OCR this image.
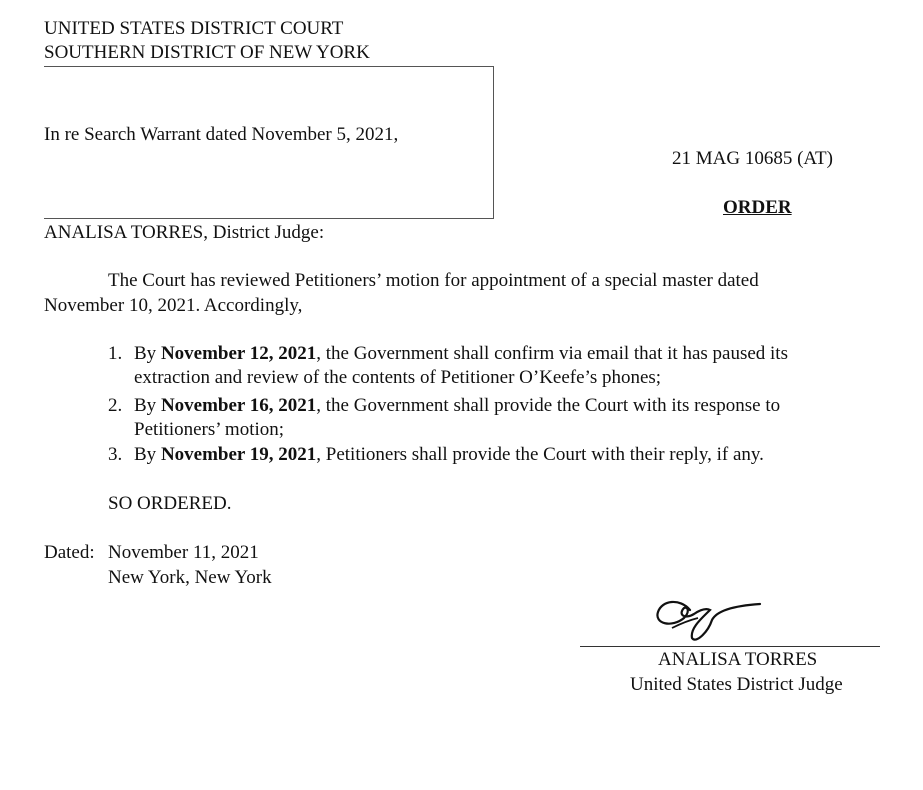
UNITED STATES DISTRICT COURT
SOUTHERN DISTRICT OF NEW YORK
In re Search Warrant dated November 5, 2021,
21 MAG 10685 (AT)
ORDER
ANALISA TORRES, District Judge:
The Court has reviewed Petitioners’ motion for appointment of a special master dated
November 10, 2021. Accordingly,
1. By November 12, 2021, the Government shall confirm via email that it has paused its
extraction and review of the contents of Petitioner O’Keefe’s phones;
2. By November 16, 2021, the Government shall provide the Court with its response to
Petitioners’ motion;
3. By November 19, 2021, Petitioners shall provide the Court with their reply, if any.
SO ORDERED.
Dated: November 11, 2021
New York, New York
ANALISA TORRES
United States District Judge
